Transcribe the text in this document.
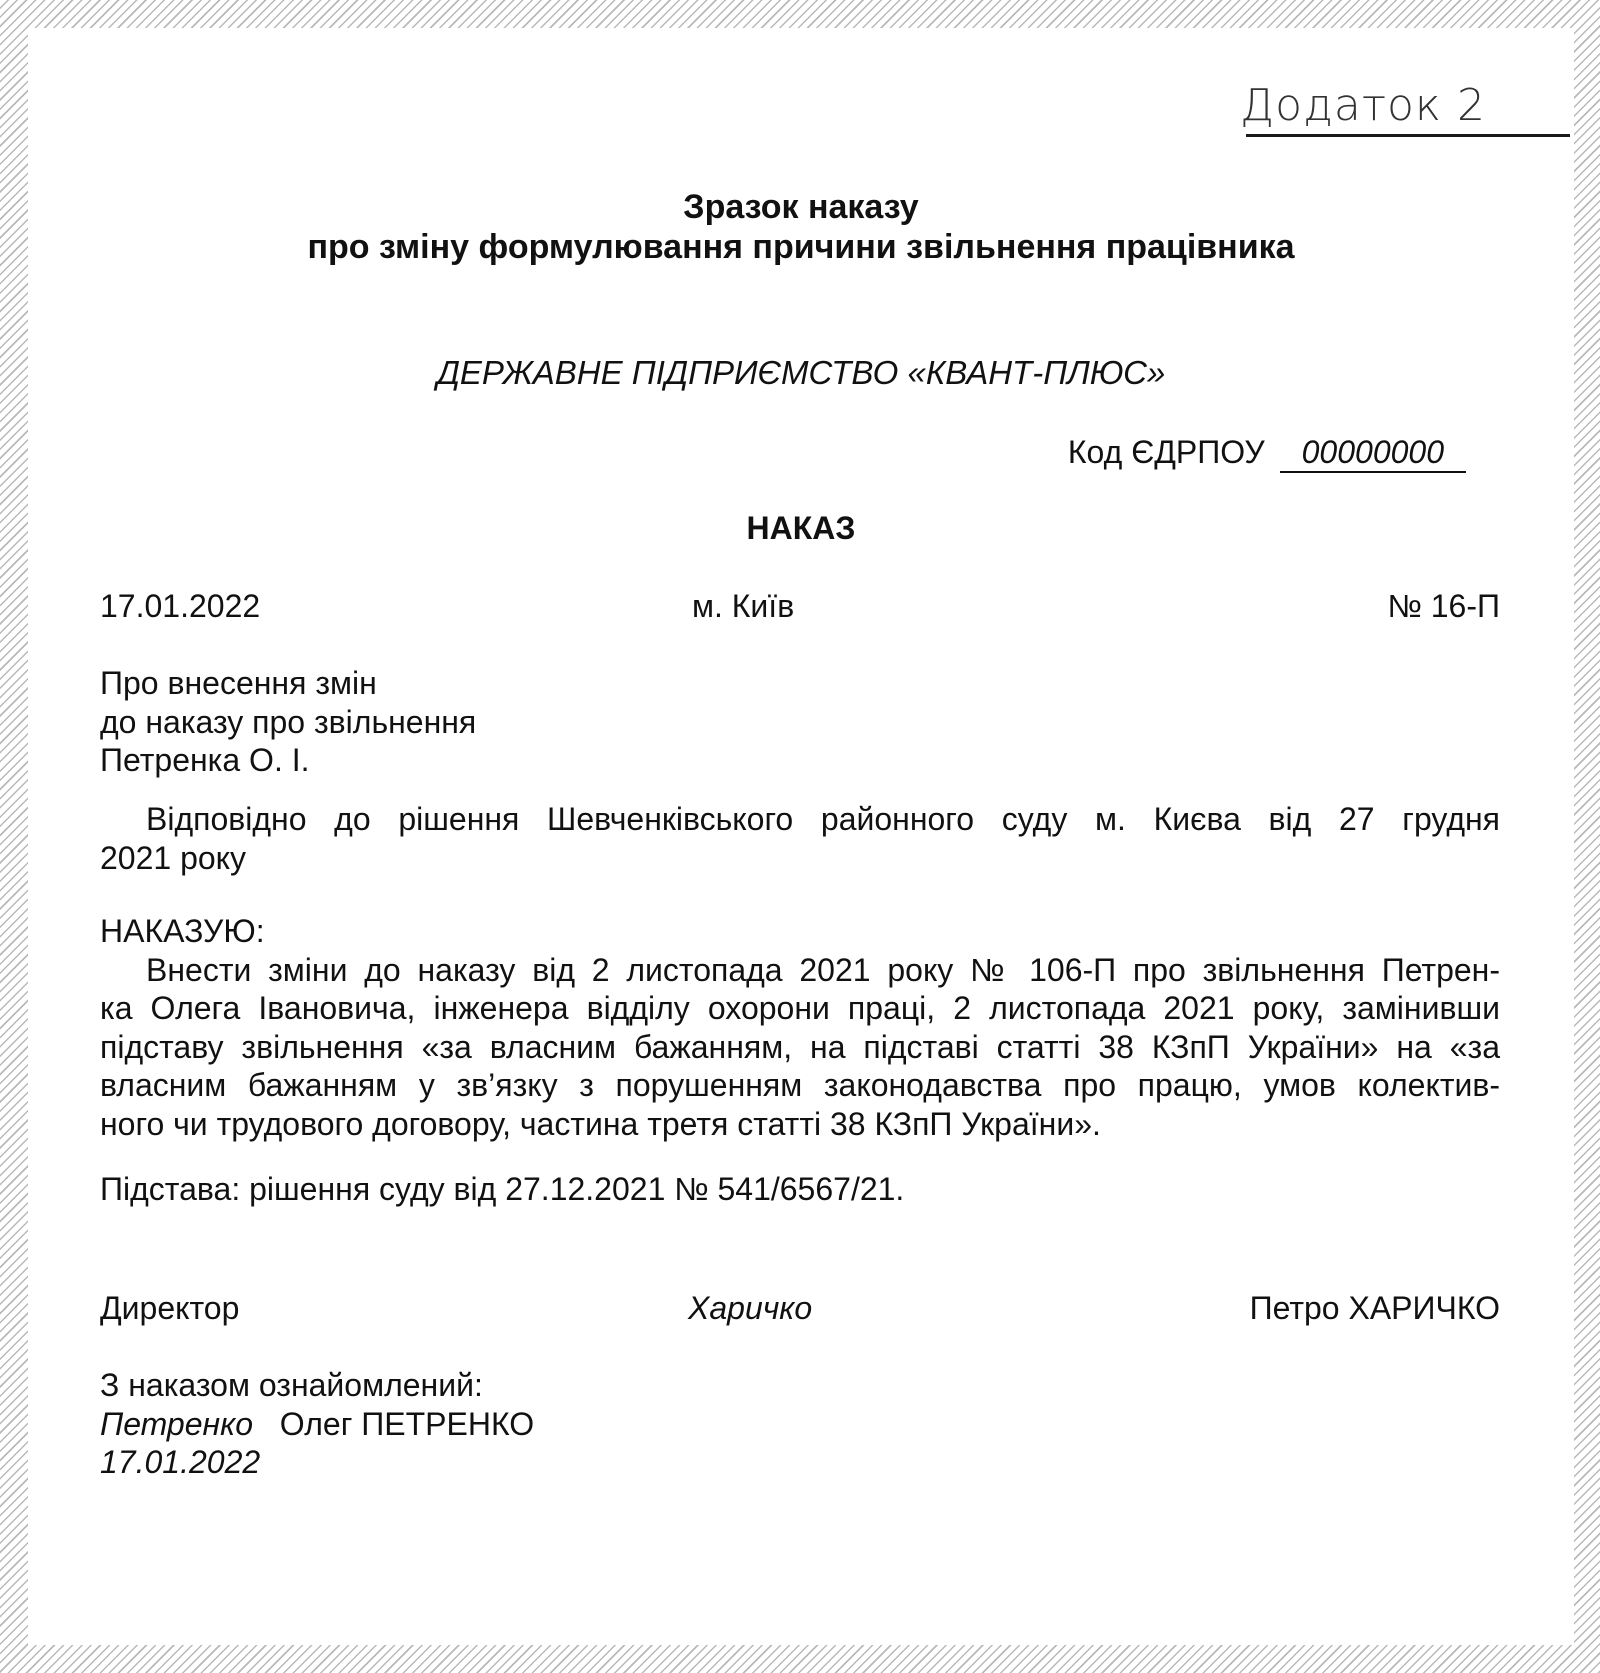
Додаток 2
Зразок наказу
про зміну формулювання причини звільнення працівника
ДЕРЖАВНЕ ПІДПРИЄМСТВО «КВАНТ-ПЛЮС»
Код ЄДРПОУ 00000000
НАКАЗ
17.01.2022	м. Київ	№ 16-П
Про внесення змін
до наказу про звільнення
Петренка О. І.
Відповідно до рішення Шевченківського районного суду м. Києва від 27 грудня
2021 року
НАКАЗУЮ:
Внести зміни до наказу від 2 листопада 2021 року № 106-П про звільнення Петрен-
ка Олега Івановича, інженера відділу охорони праці, 2 листопада 2021 року, замінивши
підставу звільнення «за власним бажанням, на підставі статті 38 КЗпП України» на «за
власним бажанням у зв’язку з порушенням законодавства про працю, умов колектив-
ного чи трудового договору, частина третя статті 38 КЗпП України».
Підстава: рішення суду від 27.12.2021 № 541/6567/21.
Директор	Харичко	Петро ХАРИЧКО
З наказом ознайомлений:
Петренко Олег ПЕТРЕНКО
17.01.2022
